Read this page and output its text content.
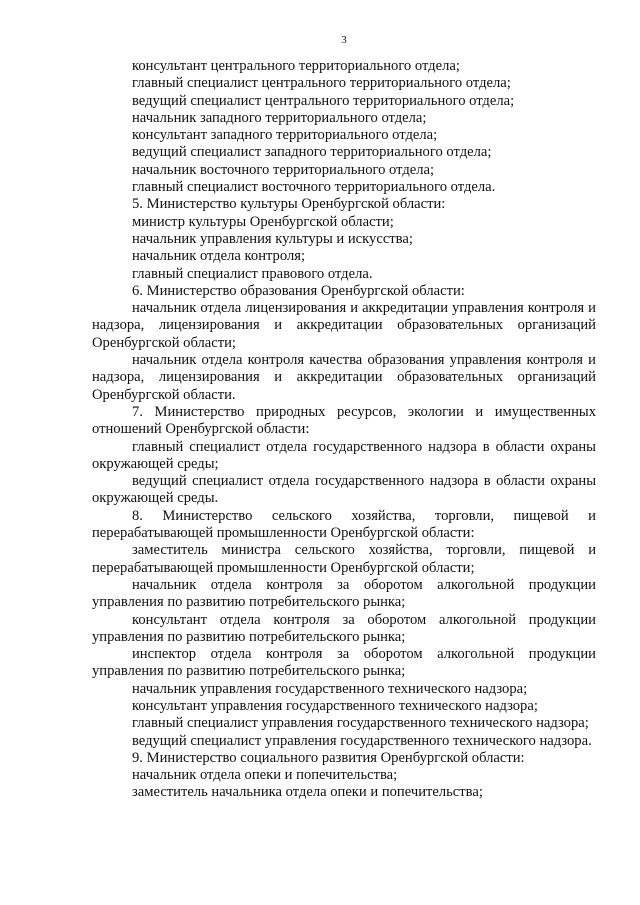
3

консультант центрального территориального отдела;

главный специалист центрального территориального отдела;

ведущий специалист центрального территориального отдела;

начальник западного территориального отдела;

консультант западного территориального отдела;

ведущий специалист западного территориального отдела;

начальник восточного территориального отдела;

главный специалист восточного территориального отдела.

5. Министерство культуры Оренбургской области:

министр культуры Оренбургской области;

начальник управления культуры и искусства;

начальник отдела контроля;

главный специалист правового отдела.

6. Министерство образования Оренбургской области:

начальник отдела лицензирования и аккредитации управления контроля и надзора, лицензирования и аккредитации образовательных организаций Оренбургской области;

начальник отдела контроля качества образования управления контроля и надзора, лицензирования и аккредитации образовательных организаций Оренбургской области.

7. Министерство природных ресурсов, экологии и имущественных отношений Оренбургской области:

главный специалист отдела государственного надзора в области охраны окружающей среды;

ведущий специалист отдела государственного надзора в области охраны окружающей среды.

8. Министерство сельского хозяйства, торговли, пищевой и перерабатывающей промышленности Оренбургской области:

заместитель министра сельского хозяйства, торговли, пищевой и перерабатывающей промышленности Оренбургской области;

начальник отдела контроля за оборотом алкогольной продукции управления по развитию потребительского рынка;

консультант отдела контроля за оборотом алкогольной продукции управления по развитию потребительского рынка;

инспектор отдела контроля за оборотом алкогольной продукции управления по развитию потребительского рынка;

начальник управления государственного технического надзора;

консультант управления государственного технического надзора;

главный специалист управления государственного технического надзора;

ведущий специалист управления государственного технического надзора.

9. Министерство социального развития Оренбургской области:

начальник отдела опеки и попечительства;

заместитель начальника отдела опеки и попечительства;
